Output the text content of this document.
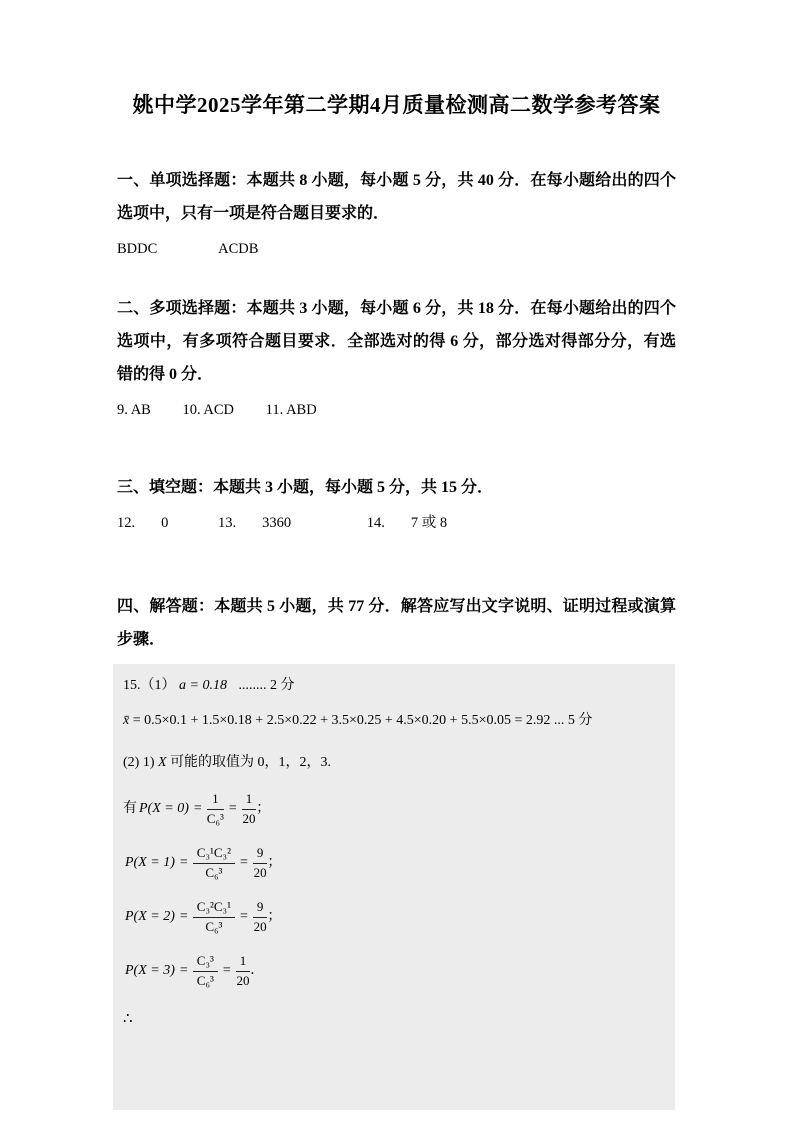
姚中学2025学年第二学期4月质量检测高二数学参考答案

一、单项选择题：本题共 8 小题，每小题 5 分，共 40 分．在每小题给出的四个选项中，只有一项是符合题目要求的．

BDDC	ACDB

二、多项选择题：本题共 3 小题，每小题 6 分，共 18 分．在每小题给出的四个选项中，有多项符合题目要求．全部选对的得 6 分，部分选对得部分分，有选错的得 0 分．

9. AB 10. ACD 11. ABD

三、填空题：本题共 3 小题，每小题 5 分，共 15 分．

12. 0	13. 3360	14. 7 或 8

四、解答题：本题共 5 小题，共 77 分．解答应写出文字说明、证明过程或演算步骤．

15.（1） a = 0.18 ........ 2 分

x̄ = 0.5×0.1 + 1.5×0.18 + 2.5×0.22 + 3.5×0.25 + 4.5×0.20 + 5.5×0.05 = 2.92 ... 5 分

(2) 1) X 可能的取值为 0，1，2，3.

有 $P(X = 0) = \frac{1}{\text{C₆³}} = \frac{1}{20}$ ；
$P(X = 1) = \frac{\text{C₃¹C₃²}}{\text{C₆³}} = \frac{9}{20}$ ；
$P(X = 2) = \frac{\text{C₃²C₃¹}}{\text{C₆³}} = \frac{9}{20}$ ；
$P(X = 3) = \frac{\text{C₃³}}{\text{C₆³}} = \frac{1}{20}$ ．

∴
